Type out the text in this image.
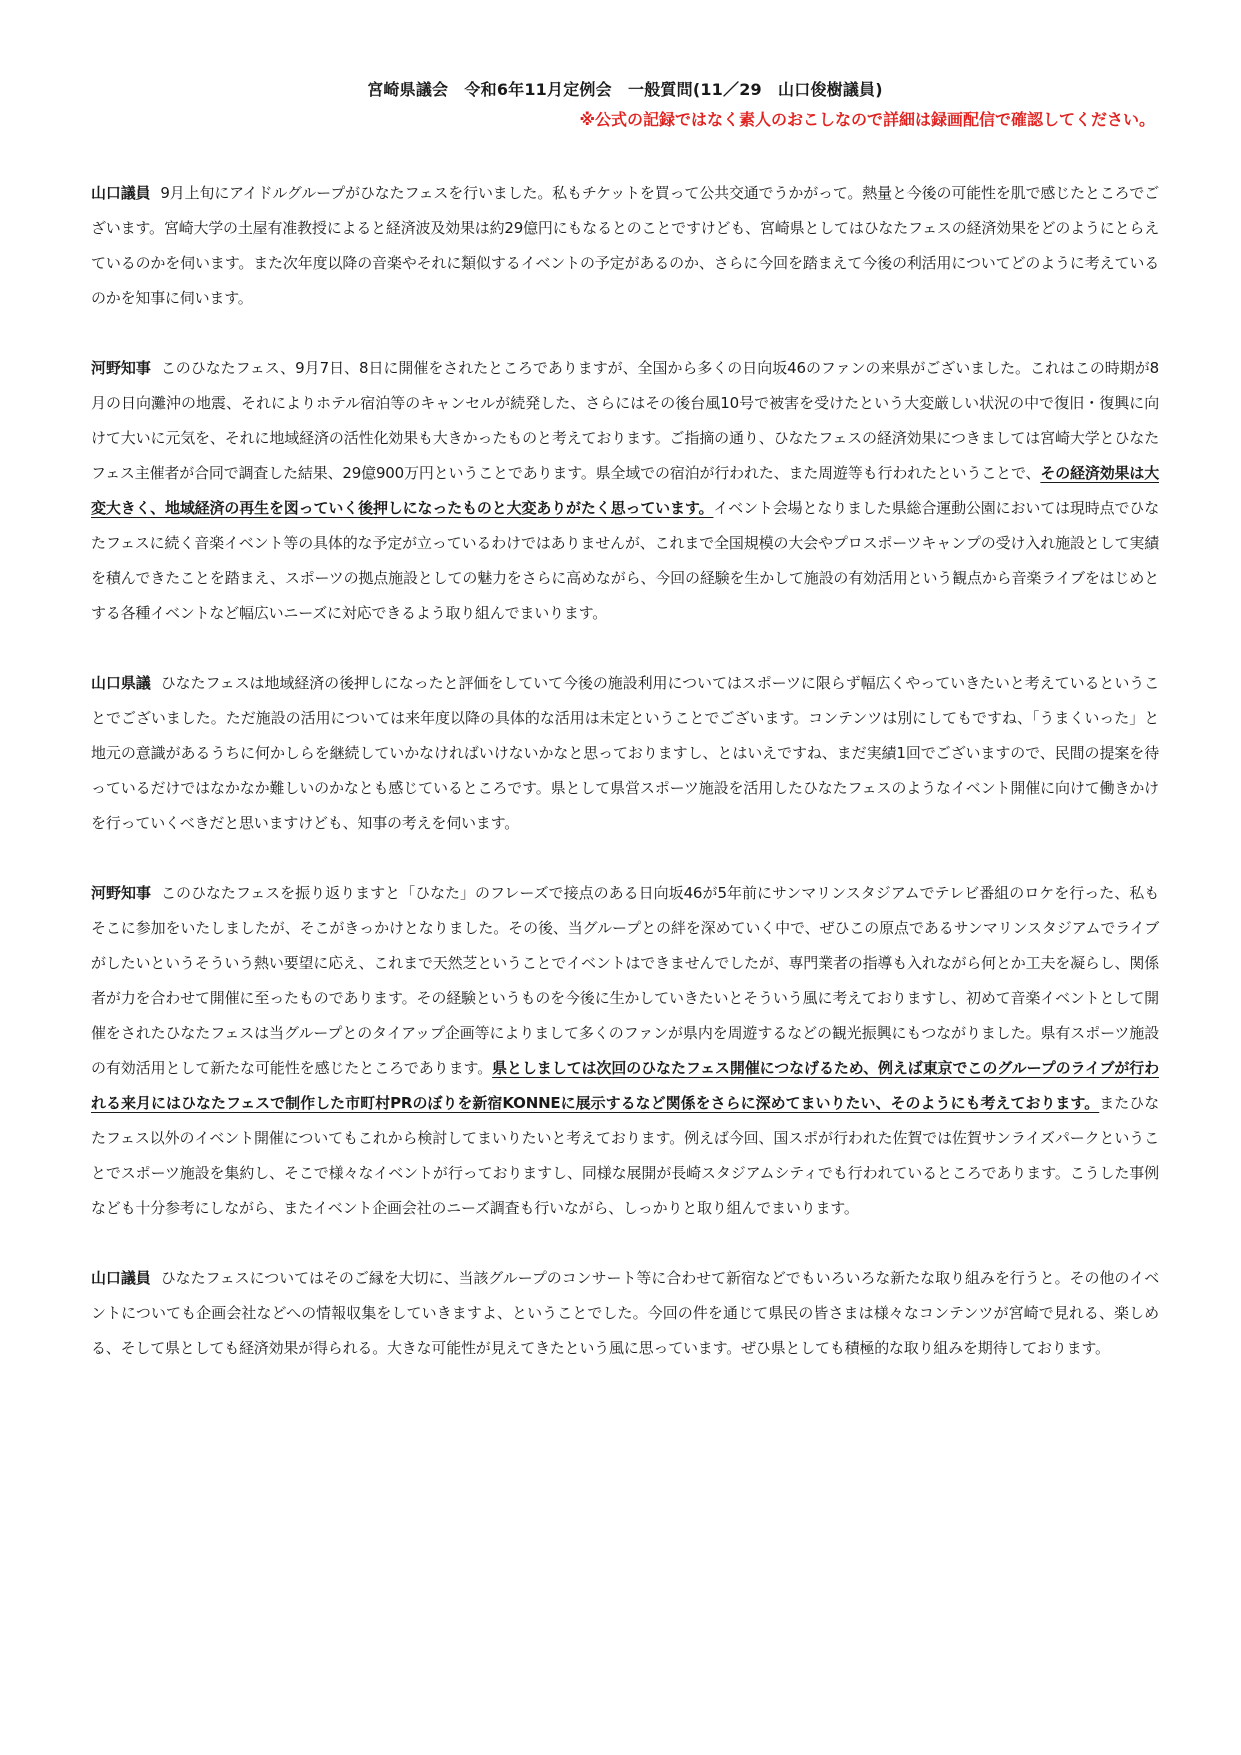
宮崎県議会　令和6年11月定例会　一般質問(11／29　山口俊樹議員)
※公式の記録ではなく素人のおこしなので詳細は録画配信で確認してください。

山口議員 9月上旬にアイドルグループがひなたフェスを行いました。私もチケットを買って公共交通でうかがって。熱量と今後の可能性を肌で感じたところでございます。宮崎大学の土屋有准教授によると経済波及効果は約29億円にもなるとのことですけども、宮崎県としてはひなたフェスの経済効果をどのようにとらえているのかを伺います。また次年度以降の音楽やそれに類似するイベントの予定があるのか、さらに今回を踏まえて今後の利活用についてどのように考えているのかを知事に伺います。

河野知事 このひなたフェス、9月7日、8日に開催をされたところでありますが、全国から多くの日向坂46のファンの来県がございました。これはこの時期が8月の日向灘沖の地震、それによりホテル宿泊等のキャンセルが続発した、さらにはその後台風10号で被害を受けたという大変厳しい状況の中で復旧・復興に向けて大いに元気を、それに地域経済の活性化効果も大きかったものと考えております。ご指摘の通り、ひなたフェスの経済効果につきましては宮崎大学とひなたフェス主催者が合同で調査した結果、29億900万円ということであります。県全域での宿泊が行われた、また周遊等も行われたということで、その経済効果は大変大きく、地域経済の再生を図っていく後押しになったものと大変ありがたく思っています。イベント会場となりました県総合運動公園においては現時点でひなたフェスに続く音楽イベント等の具体的な予定が立っているわけではありませんが、これまで全国規模の大会やプロスポーツキャンプの受け入れ施設として実績を積んできたことを踏まえ、スポーツの拠点施設としての魅力をさらに高めながら、今回の経験を生かして施設の有効活用という観点から音楽ライブをはじめとする各種イベントなど幅広いニーズに対応できるよう取り組んでまいります。

山口県議 ひなたフェスは地域経済の後押しになったと評価をしていて今後の施設利用についてはスポーツに限らず幅広くやっていきたいと考えているということでございました。ただ施設の活用については来年度以降の具体的な活用は未定ということでございます。コンテンツは別にしてもですね、「うまくいった」と地元の意識があるうちに何かしらを継続していかなければいけないかなと思っておりますし、とはいえですね、まだ実績1回でございますので、民間の提案を待っているだけではなかなか難しいのかなとも感じているところです。県として県営スポーツ施設を活用したひなたフェスのようなイベント開催に向けて働きかけを行っていくべきだと思いますけども、知事の考えを伺います。

河野知事 このひなたフェスを振り返りますと「ひなた」のフレーズで接点のある日向坂46が5年前にサンマリンスタジアムでテレビ番組のロケを行った、私もそこに参加をいたしましたが、そこがきっかけとなりました。その後、当グループとの絆を深めていく中で、ぜひこの原点であるサンマリンスタジアムでライブがしたいというそういう熱い要望に応え、これまで天然芝ということでイベントはできませんでしたが、専門業者の指導も入れながら何とか工夫を凝らし、関係者が力を合わせて開催に至ったものであります。その経験というものを今後に生かしていきたいとそういう風に考えておりますし、初めて音楽イベントとして開催をされたひなたフェスは当グループとのタイアップ企画等によりまして多くのファンが県内を周遊するなどの観光振興にもつながりました。県有スポーツ施設の有効活用として新たな可能性を感じたところであります。県としましては次回のひなたフェス開催につなげるため、例えば東京でこのグループのライブが行われる来月にはひなたフェスで制作した市町村PRのぼりを新宿KONNEに展示するなど関係をさらに深めてまいりたい、そのようにも考えております。またひなたフェス以外のイベント開催についてもこれから検討してまいりたいと考えております。例えば今回、国スポが行われた佐賀では佐賀サンライズパークということでスポーツ施設を集約し、そこで様々なイベントが行っておりますし、同様な展開が長崎スタジアムシティでも行われているところであります。こうした事例なども十分参考にしながら、またイベント企画会社のニーズ調査も行いながら、しっかりと取り組んでまいります。

山口議員 ひなたフェスについてはそのご縁を大切に、当該グループのコンサート等に合わせて新宿などでもいろいろな新たな取り組みを行うと。その他のイベントについても企画会社などへの情報収集をしていきますよ、ということでした。今回の件を通じて県民の皆さまは様々なコンテンツが宮崎で見れる、楽しめる、そして県としても経済効果が得られる。大きな可能性が見えてきたという風に思っています。ぜひ県としても積極的な取り組みを期待しております。
